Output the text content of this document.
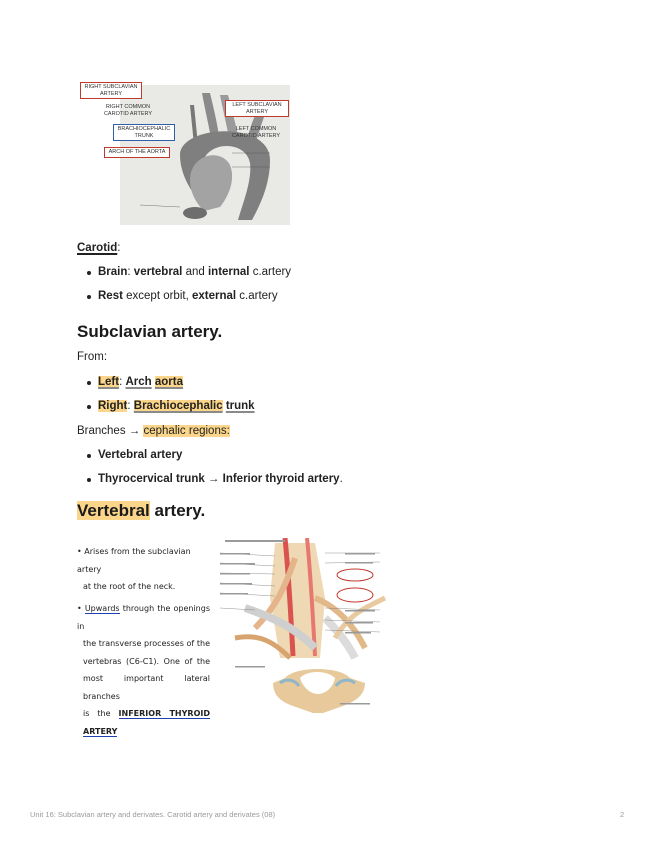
RIGHT SUBCLAVIAN ARTERY
RIGHT COMMON CAROTID ARTERY
BRACHIOCEPHALIC TRUNK
ARCH OF THE AORTA
LEFT SUBCLAVIAN ARTERY
LEFT COMMON CAROTID ARTERY
Carotid:
Brain: vertebral and internal c.artery
Rest except orbit, external c.artery
Subclavian artery.
From:
Left: Arch aorta
Right: Brachiocephalic trunk
Branches → cephalic regions:
Vertebral artery
Thyrocervical trunk → Inferior thyroid artery.
Vertebral artery.
• Arises from the subclavian artery
at the root of the neck.
• Upwards through the openings in
the transverse processes of the
vertebras (C6-C1). One of the
most important lateral branches
is the INFERIOR THYROID
ARTERY
Unit 16: Subclavian artery and derivates. Carotid artery and derivates (08)	2
